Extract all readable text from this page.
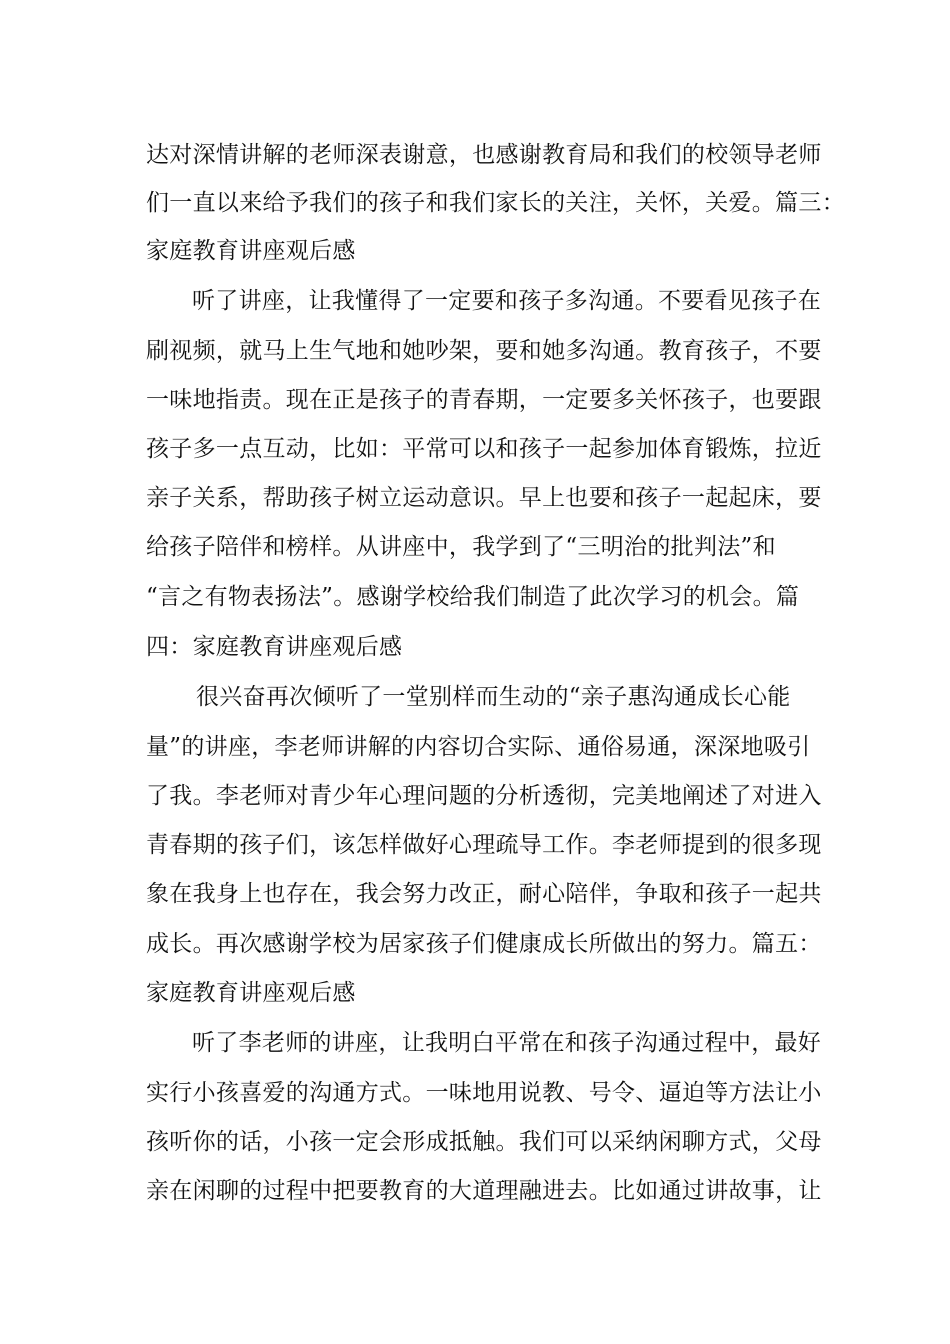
达对深情讲解的老师深表谢意，也感谢教育局和我们的校领导老师
们一直以来给予我们的孩子和我们家长的关注，关怀，关爱。篇三：
家庭教育讲座观后感
听了讲座，让我懂得了一定要和孩子多沟通。不要看见孩子在
刷视频，就马上生气地和她吵架，要和她多沟通。教育孩子，不要
一味地指责。现在正是孩子的青春期，一定要多关怀孩子，也要跟
孩子多一点互动，比如：平常可以和孩子一起参加体育锻炼，拉近
亲子关系，帮助孩子树立运动意识。早上也要和孩子一起起床，要
给孩子陪伴和榜样。从讲座中，我学到了“三明治的批判法”和
“言之有物表扬法”。感谢学校给我们制造了此次学习的机会。篇
四：家庭教育讲座观后感
很兴奋再次倾听了一堂别样而生动的“亲子惠沟通成长心能
量”的讲座，李老师讲解的内容切合实际、通俗易通，深深地吸引
了我。李老师对青少年心理问题的分析透彻，完美地阐述了对进入
青春期的孩子们，该怎样做好心理疏导工作。李老师提到的很多现
象在我身上也存在，我会努力改正，耐心陪伴，争取和孩子一起共
成长。再次感谢学校为居家孩子们健康成长所做出的努力。篇五：
家庭教育讲座观后感
听了李老师的讲座，让我明白平常在和孩子沟通过程中，最好
实行小孩喜爱的沟通方式。一味地用说教、号令、逼迫等方法让小
孩听你的话，小孩一定会形成抵触。我们可以采纳闲聊方式，父母
亲在闲聊的过程中把要教育的大道理融进去。比如通过讲故事，让
